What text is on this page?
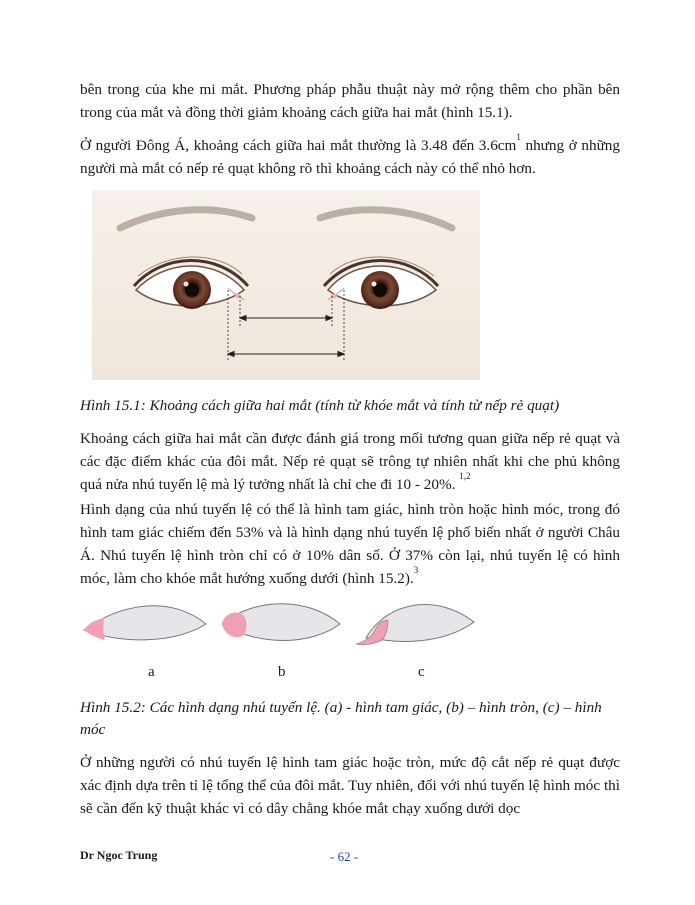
bên trong của khe mi mắt. Phương pháp phẫu thuật này mở rộng thêm cho phần bên trong của mắt và đồng thời giảm khoảng cách giữa hai mắt (hình 15.1).

Ở người Đông Á, khoảng cách giữa hai mắt thường là 3.48 đến $3.6cm^1$ nhưng ở những người mà mắt có nếp rẻ quạt không rõ thì khoảng cách này có thể nhỏ hơn.

Hình 15.1: Khoảng cách giữa hai mắt (tính từ khóe mắt và tính từ nếp rẻ quạt)

Khoảng cách giữa hai mắt cần được đánh giá trong mối tương quan giữa nếp rẻ quạt và các đặc điểm khác của đôi mắt. Nếp rẻ quạt sẽ trông tự nhiên nhất khi che phủ không quá nửa nhú tuyến lệ mà lý tưởng nhất là chỉ che đi 10 - 20%. $^{1,2}$

Hình dạng của nhú tuyến lệ có thể là hình tam giác, hình tròn hoặc hình móc, trong đó hình tam giác chiếm đến 53% và là hình dạng nhú tuyến lệ phổ biến nhất ở người Châu Á. Nhú tuyến lệ hình tròn chỉ có ở 10% dân số. Ở 37% còn lại, nhú tuyến lệ có hình móc, làm cho khóe mắt hướng xuống dưới (hình 15.2).$^3$

a	b	c

Hình 15.2: Các hình dạng nhú tuyến lệ. (a) - hình tam giác, (b) – hình tròn, (c) – hình móc

Ở những người có nhú tuyến lệ hình tam giác hoặc tròn, mức độ cắt nếp rẻ quạt được xác định dựa trên tỉ lệ tổng thể của đôi mắt. Tuy nhiên, đối với nhú tuyến lệ hình móc thì sẽ cần đến kỹ thuật khác vì có dây chằng khóe mắt chạy xuống dưới dọc

Dr Ngoc Trung	- 62 -
